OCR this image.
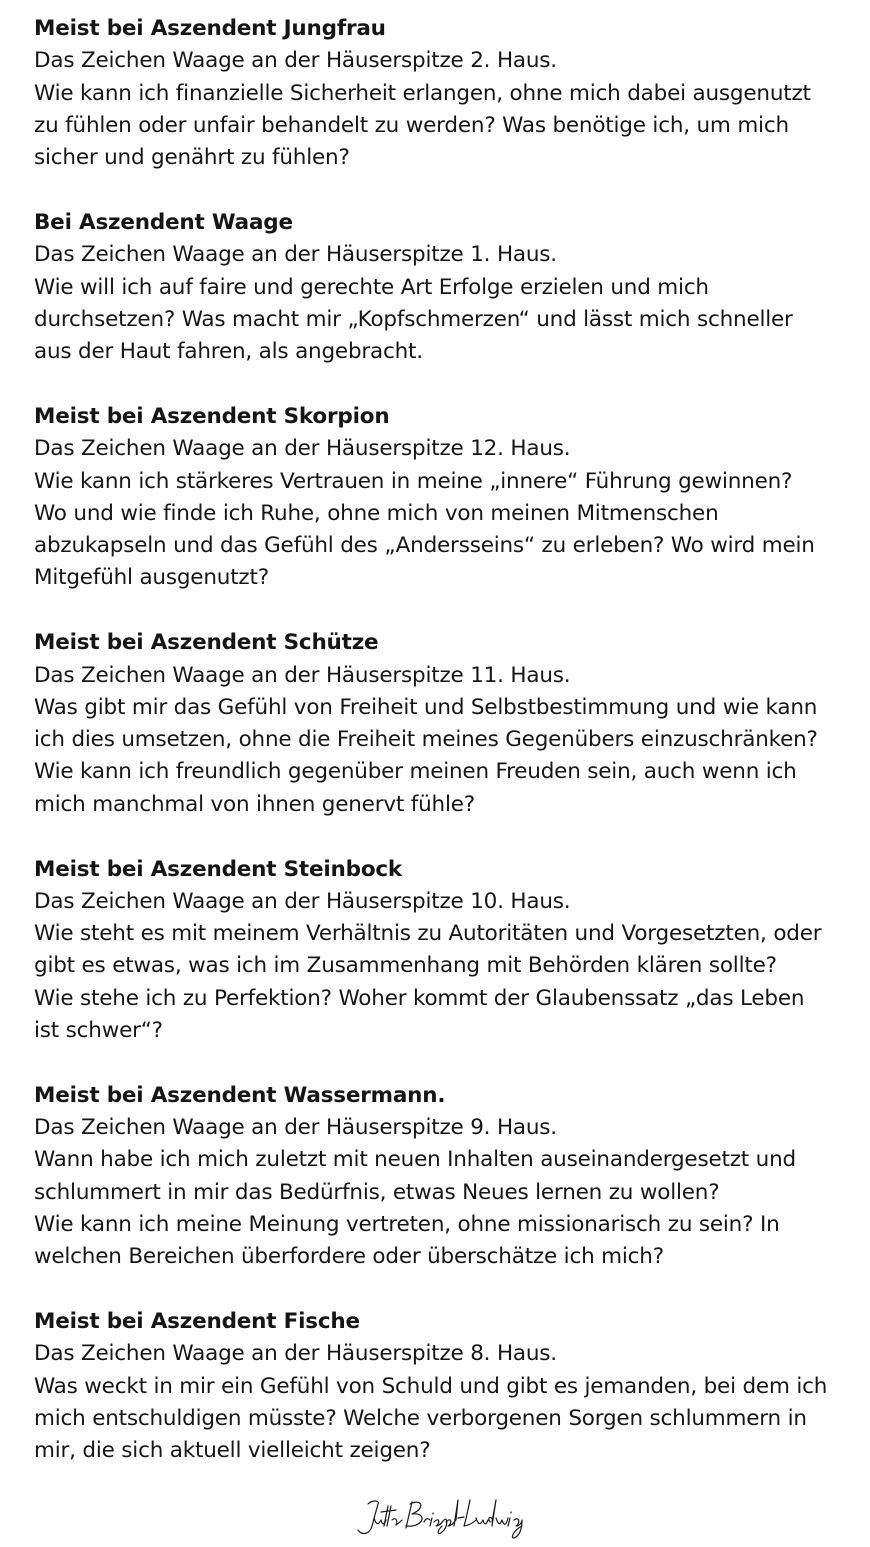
Meist bei Aszendent Jungfrau

Das Zeichen Waage an der Häuserspitze 2. Haus.

Wie kann ich finanzielle Sicherheit erlangen, ohne mich dabei ausgenutzt

zu fühlen oder unfair behandelt zu werden? Was benötige ich, um mich

sicher und genährt zu fühlen?

Bei Aszendent Waage

Das Zeichen Waage an der Häuserspitze 1. Haus.

Wie will ich auf faire und gerechte Art Erfolge erzielen und mich

durchsetzen? Was macht mir „Kopfschmerzen“ und lässt mich schneller

aus der Haut fahren, als angebracht.

Meist bei Aszendent Skorpion

Das Zeichen Waage an der Häuserspitze 12. Haus.

Wie kann ich stärkeres Vertrauen in meine „innere“ Führung gewinnen?

Wo und wie finde ich Ruhe, ohne mich von meinen Mitmenschen

abzukapseln und das Gefühl des „Andersseins“ zu erleben? Wo wird mein

Mitgefühl ausgenutzt?

Meist bei Aszendent Schütze

Das Zeichen Waage an der Häuserspitze 11. Haus.

Was gibt mir das Gefühl von Freiheit und Selbstbestimmung und wie kann

ich dies umsetzen, ohne die Freiheit meines Gegenübers einzuschränken?

Wie kann ich freundlich gegenüber meinen Freuden sein, auch wenn ich

mich manchmal von ihnen genervt fühle?

Meist bei Aszendent Steinbock

Das Zeichen Waage an der Häuserspitze 10. Haus.

Wie steht es mit meinem Verhältnis zu Autoritäten und Vorgesetzten, oder

gibt es etwas, was ich im Zusammenhang mit Behörden klären sollte?

Wie stehe ich zu Perfektion? Woher kommt der Glaubenssatz „das Leben

ist schwer“?

Meist bei Aszendent Wassermann.

Das Zeichen Waage an der Häuserspitze 9. Haus.

Wann habe ich mich zuletzt mit neuen Inhalten auseinandergesetzt und

schlummert in mir das Bedürfnis, etwas Neues lernen zu wollen?

Wie kann ich meine Meinung vertreten, ohne missionarisch zu sein? In

welchen Bereichen überfordere oder überschätze ich mich?

Meist bei Aszendent Fische

Das Zeichen Waage an der Häuserspitze 8. Haus.

Was weckt in mir ein Gefühl von Schuld und gibt es jemanden, bei dem ich

mich entschuldigen müsste? Welche verborgenen Sorgen schlummern in

mir, die sich aktuell vielleicht zeigen?
